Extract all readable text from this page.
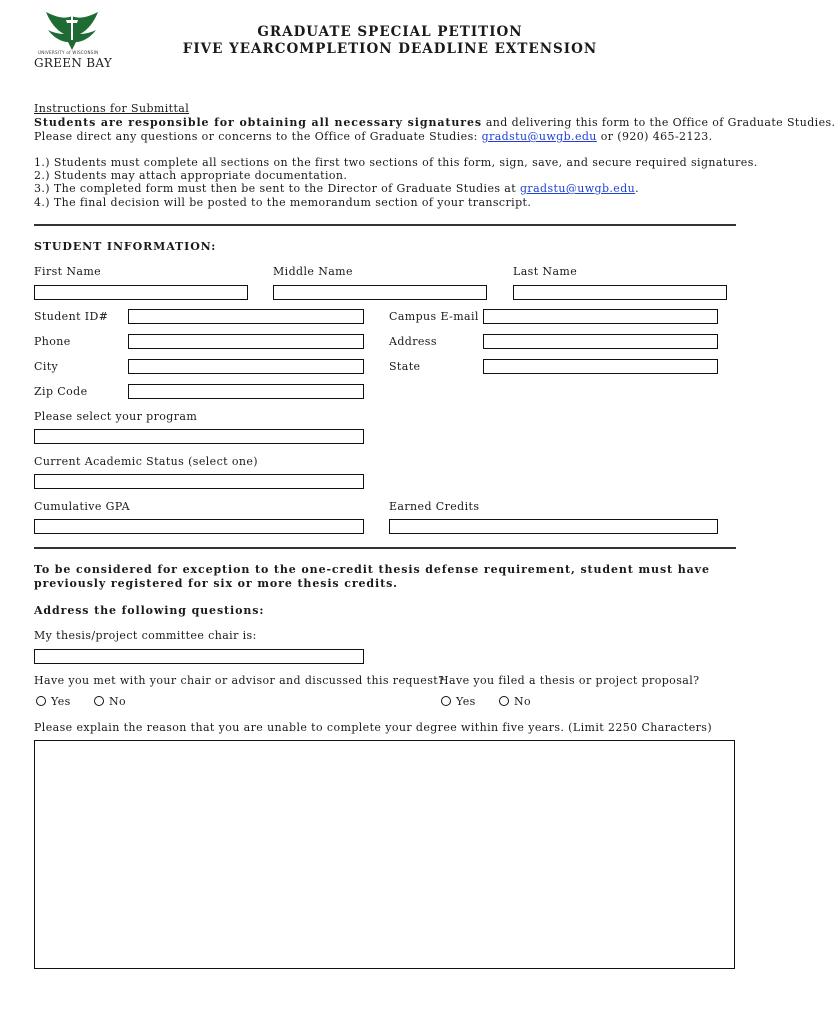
UNIVERSITY of WISCONSIN
GREEN BAY
GRADUATE SPECIAL PETITION
FIVE YEARCOMPLETION DEADLINE EXTENSION
Instructions for Submittal
Students are responsible for obtaining all necessary signatures and delivering this form to the Office of Graduate Studies.
Please direct any questions or concerns to the Office of Graduate Studies: gradstu@uwgb.edu or (920) 465-2123.
1.) Students must complete all sections on the first two sections of this form, sign, save, and secure required signatures.
2.) Students may attach appropriate documentation.
3.) The completed form must then be sent to the Director of Graduate Studies at gradstu@uwgb.edu.
4.) The final decision will be posted to the memorandum section of your transcript.
STUDENT INFORMATION:
First Name	Middle Name	Last Name
Student ID#	Campus E-mail
Phone	Address
City	State
Zip Code
Please select your program
Current Academic Status (select one)
Cumulative GPA	Earned Credits
To be considered for exception to the one-credit thesis defense requirement, student must have previously registered for six or more thesis credits.
Address the following questions:
My thesis/project committee chair is:
Have you met with your chair or advisor and discussed this request?
Have you filed a thesis or project proposal?
Yes	No	Yes	No
Please explain the reason that you are unable to complete your degree within five years. (Limit 2250 Characters)
